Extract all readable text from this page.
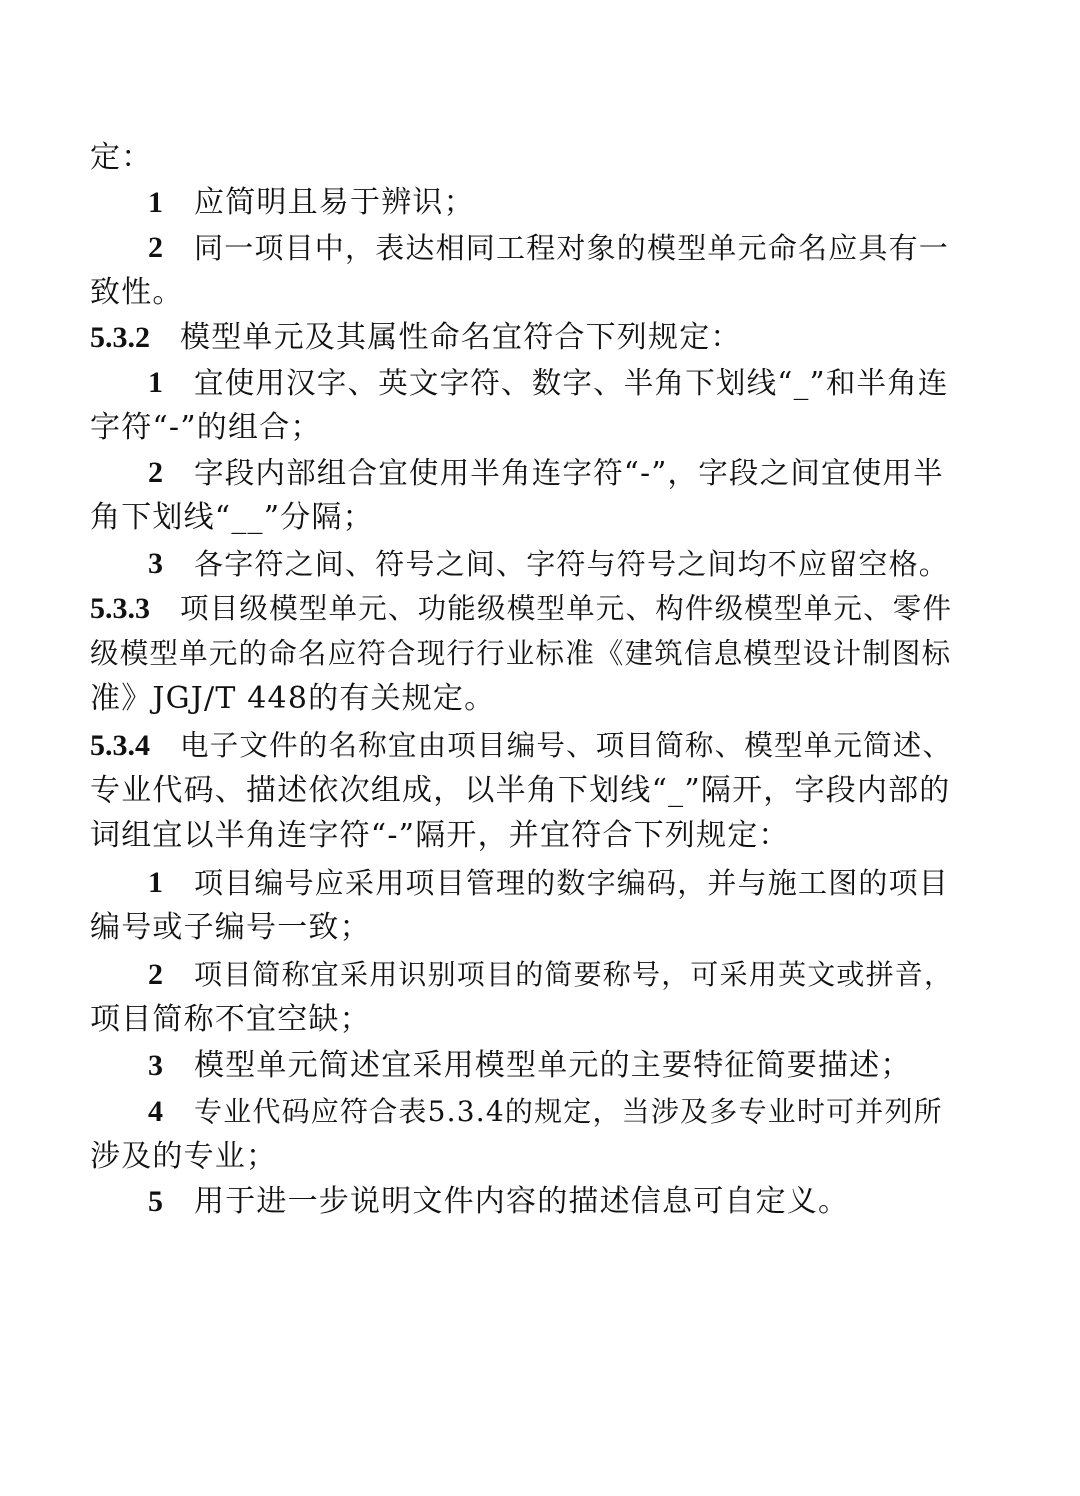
定：
1 应简明且易于辨识；
2 同一项目中，表达相同工程对象的模型单元命名应具有一
致性。
5.3.2 模型单元及其属性命名宜符合下列规定：
1 宜使用汉字、英文字符、数字、半角下划线“_”和半角连
字符“-”的组合；
2 字段内部组合宜使用半角连字符“-”，字段之间宜使用半
角下划线“__”分隔；
3 各字符之间、符号之间、字符与符号之间均不应留空格。
5.3.3 项目级模型单元、功能级模型单元、构件级模型单元、零件
级模型单元的命名应符合现行行业标准《建筑信息模型设计制图标
准》JGJ/T 448的有关规定。
5.3.4 电子文件的名称宜由项目编号、项目简称、模型单元简述、
专业代码、描述依次组成，以半角下划线“_”隔开，字段内部的
词组宜以半角连字符“-”隔开，并宜符合下列规定：
1 项目编号应采用项目管理的数字编码，并与施工图的项目
编号或子编号一致；
2 项目简称宜采用识别项目的简要称号，可采用英文或拼音，
项目简称不宜空缺；
3 模型单元简述宜采用模型单元的主要特征简要描述；
4 专业代码应符合表5.3.4的规定，当涉及多专业时可并列所
涉及的专业；
5 用于进一步说明文件内容的描述信息可自定义。
